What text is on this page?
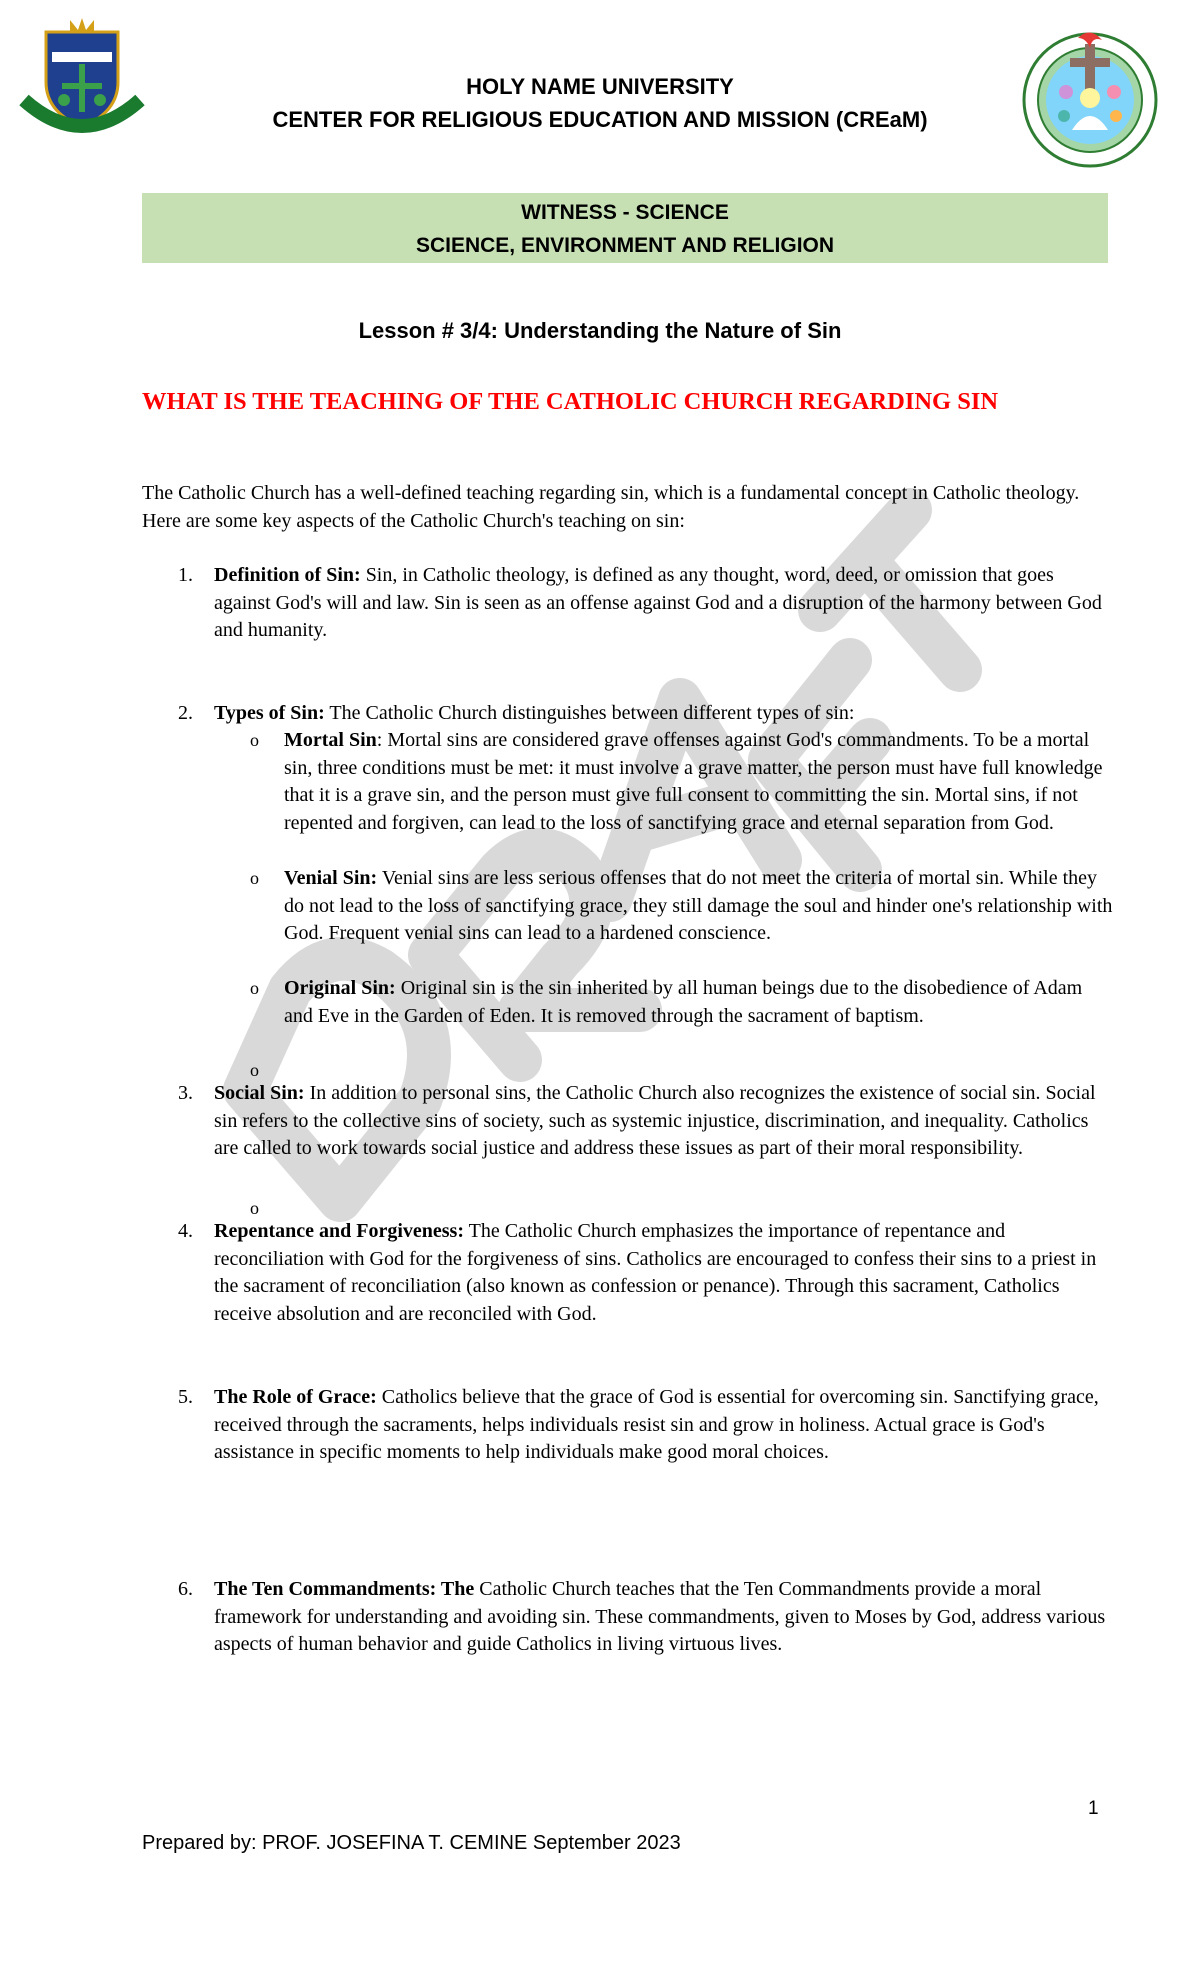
HOLY NAME UNIVERSITY
CENTER FOR RELIGIOUS EDUCATION AND MISSION (CREaM)
WITNESS - SCIENCE
SCIENCE, ENVIRONMENT AND RELIGION
Lesson # 3/4: Understanding the Nature of Sin
WHAT IS THE TEACHING OF THE CATHOLIC CHURCH REGARDING SIN

The Catholic Church has a well-defined teaching regarding sin, which is a fundamental concept in Catholic theology. Here are some key aspects of the Catholic Church's teaching on sin:

1. Definition of Sin: Sin, in Catholic theology, is defined as any thought, word, deed, or omission that goes against God's will and law. Sin is seen as an offense against God and a disruption of the harmony between God and humanity.
2. Types of Sin: The Catholic Church distinguishes between different types of sin:
o Mortal Sin: Mortal sins are considered grave offenses against God's commandments. To be a mortal sin, three conditions must be met: it must involve a grave matter, the person must have full knowledge that it is a grave sin, and the person must give full consent to committing the sin. Mortal sins, if not repented and forgiven, can lead to the loss of sanctifying grace and eternal separation from God.
o Venial Sin: Venial sins are less serious offenses that do not meet the criteria of mortal sin. While they do not lead to the loss of sanctifying grace, they still damage the soul and hinder one's relationship with God. Frequent venial sins can lead to a hardened conscience.
o Original Sin: Original sin is the sin inherited by all human beings due to the disobedience of Adam and Eve in the Garden of Eden. It is removed through the sacrament of baptism.
o
3. Social Sin: In addition to personal sins, the Catholic Church also recognizes the existence of social sin. Social sin refers to the collective sins of society, such as systemic injustice, discrimination, and inequality. Catholics are called to work towards social justice and address these issues as part of their moral responsibility.
o
4. Repentance and Forgiveness: The Catholic Church emphasizes the importance of repentance and reconciliation with God for the forgiveness of sins. Catholics are encouraged to confess their sins to a priest in the sacrament of reconciliation (also known as confession or penance). Through this sacrament, Catholics receive absolution and are reconciled with God.
5. The Role of Grace: Catholics believe that the grace of God is essential for overcoming sin. Sanctifying grace, received through the sacraments, helps individuals resist sin and grow in holiness. Actual grace is God's assistance in specific moments to help individuals make good moral choices.
6. The Ten Commandments: The Catholic Church teaches that the Ten Commandments provide a moral framework for understanding and avoiding sin. These commandments, given to Moses by God, address various aspects of human behavior and guide Catholics in living virtuous lives.
1
Prepared by: PROF. JOSEFINA T. CEMINE September 2023
